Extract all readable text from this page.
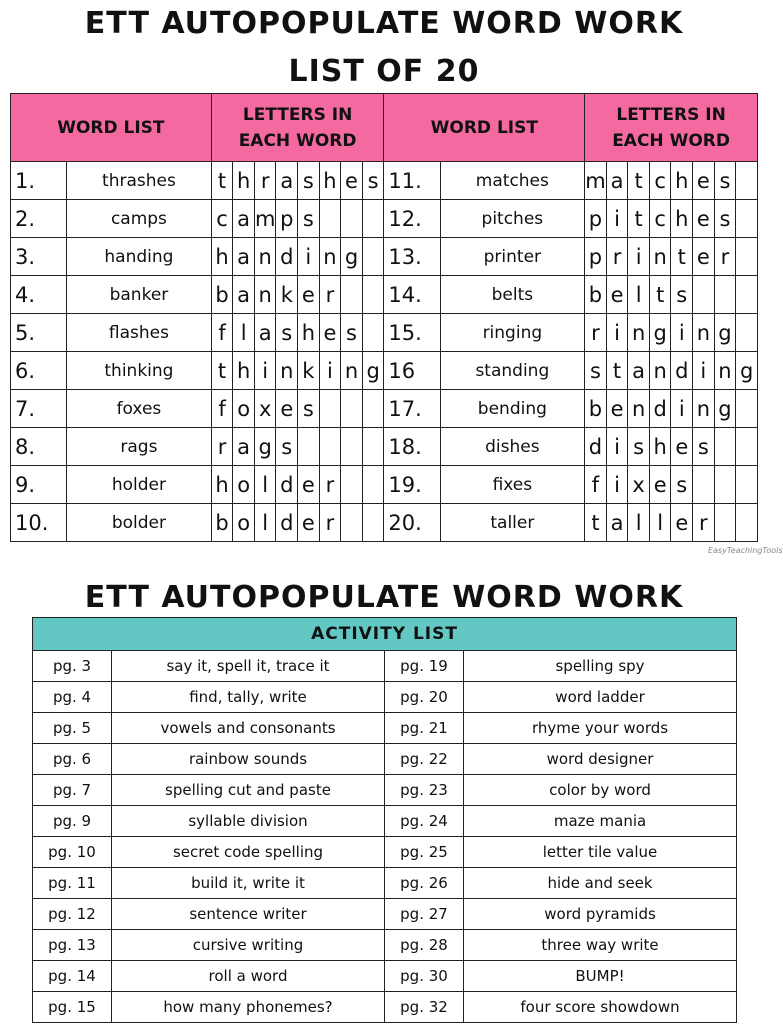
ETT AUTOPOPULATE WORD WORK
LIST OF 20
WORD LIST		LETTERS IN
EACH WORD								WORD LIST		LETTERS IN
EACH WORD							
1.	thrashes	t	h	r	a	s	h	e	s	11.	matches	m	a	t	c	h	e	s	
2.	camps	c	a	m	p	s				12.	pitches	p	i	t	c	h	e	s	
3.	handing	h	a	n	d	i	n	g		13.	printer	p	r	i	n	t	e	r	
4.	banker	b	a	n	k	e	r			14.	belts	b	e	l	t	s			
5.	flashes	f	l	a	s	h	e	s		15.	ringing	r	i	n	g	i	n	g	
6.	thinking	t	h	i	n	k	i	n	g	16	standing	s	t	a	n	d	i	n	g
7.	foxes	f	o	x	e	s				17.	bending	b	e	n	d	i	n	g	
8.	rags	r	a	g	s					18.	dishes	d	i	s	h	e	s		
9.	holder	h	o	l	d	e	r			19.	fixes	f	i	x	e	s			
10.	bolder	b	o	l	d	e	r			20.	taller	t	a	l	l	e	r		
EasyTeachingTools
ETT AUTOPOPULATE WORD WORK
ACTIVITY LIST			
pg. 3	say it, spell it, trace it	pg. 19	spelling spy
pg. 4	find, tally, write	pg. 20	word ladder
pg. 5	vowels and consonants	pg. 21	rhyme your words
pg. 6	rainbow sounds	pg. 22	word designer
pg. 7	spelling cut and paste	pg. 23	color by word
pg. 9	syllable division	pg. 24	maze mania
pg. 10	secret code spelling	pg. 25	letter tile value
pg. 11	build it, write it	pg. 26	hide and seek
pg. 12	sentence writer	pg. 27	word pyramids
pg. 13	cursive writing	pg. 28	three way write
pg. 14	roll a word	pg. 30	BUMP!
pg. 15	how many phonemes?	pg. 32	four score showdown
